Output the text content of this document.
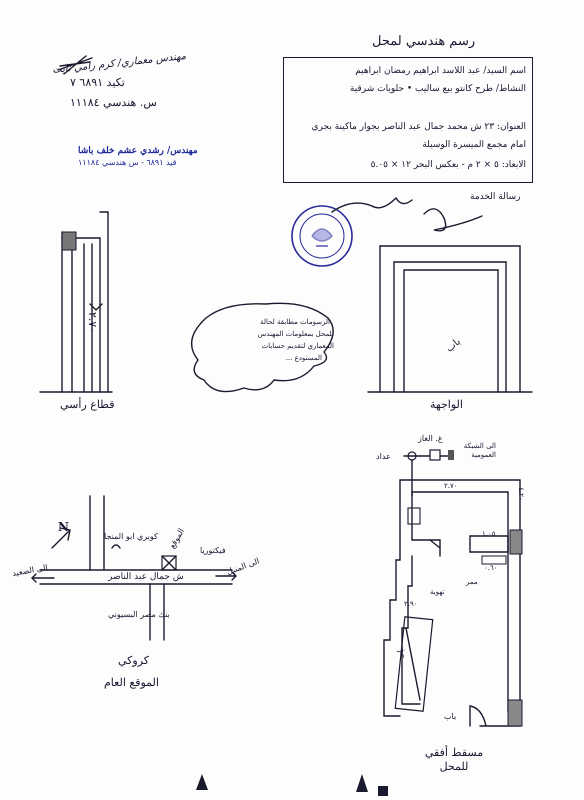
مهندس معماري/ كرم رامي نايت
تكيد ٦٨٩١ ٧
س. هندسي ١١١٨٤
مهندس/ رشدي عشم خلف باشا
قيد ٦٨٩١ - س هندسي ١١١٨٤
رسم هندسي لمحل
اسم السيد/ عبد اللاسد ابراهيم رمضان ابراهيم
النشاط/ طرح كانتو بيع ساليب • حلويات شرقية
العنوان: ٢٣ ش محمد جمال عبد الناصر بجوار ماكينة بجري
أمام مجمع الميسرة الوسيلة
الأبعاد: ٥ × ٢ م - بعكس البحر ١٢ × ٥.٠٥
رسالة الخدمة
٢.٧٠
قطاع رأسي
باب
الواجهة
الرسومات مطابقة لحالة
للمحل بمعلومات المهندس
المعماري لتقديم حسابات
المستودع ...
N
ش جمال عبد الناصر
الى الصعيد	الى المنيل
الموقع
كوبري ابو المنجا
بنك مصر البسيوني
فيكتوريا
كروكي
الموقع العام
غ. الغاز
الى الشبكة العمومية
عداد
بار
تهوية
باب
٢.٧٠
٤.٢٠
١.٠٥
٠.٦٠
ممر
٢.٩٠
مسقط أفقي للمحل
